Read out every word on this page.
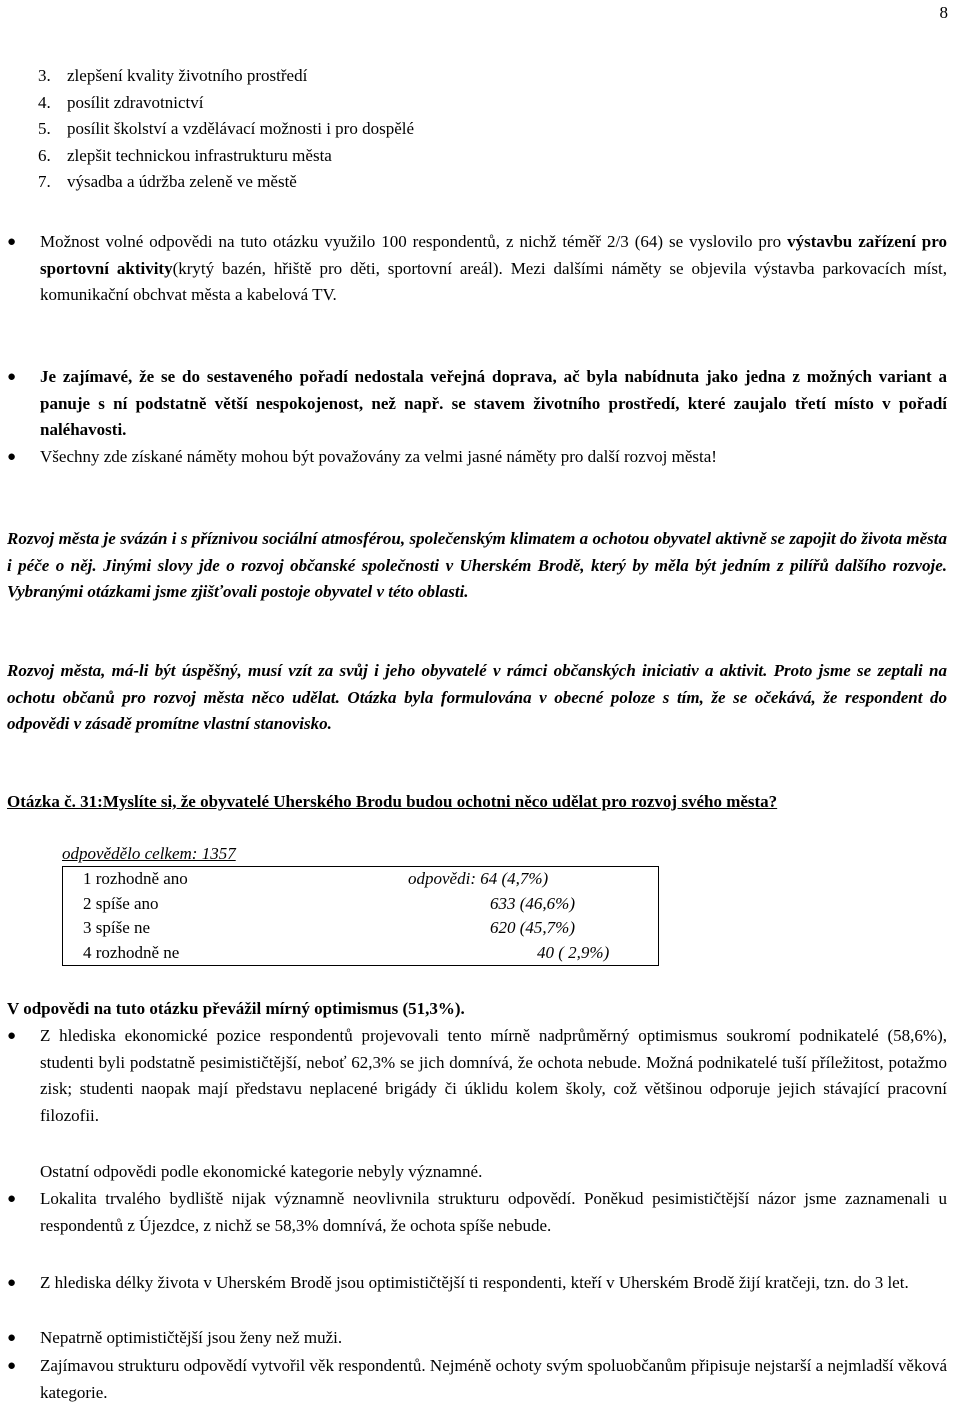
8
3. zlepšení kvality životního prostředí
4. posílit zdravotnictví
5. posílit školství a vzdělávací možnosti i pro dospělé
6. zlepšit technickou infrastrukturu města
7. výsadba a údržba zeleně ve městě
●	Možnost volné odpovědi na tuto otázku využilo 100 respondentů, z nichž téměř 2/3 (64) se vyslovilo pro výstavbu zařízení pro sportovní aktivity(krytý bazén, hřiště pro děti, sportovní areál). Mezi dalšími náměty se objevila výstavba parkovacích míst, komunikační obchvat města a kabelová TV.
●	Je zajímavé, že se do sestaveného pořadí nedostala veřejná doprava, ač byla nabídnuta jako jedna z možných variant a panuje s ní podstatně větší nespokojenost, než např. se stavem životního prostředí, které zaujalo třetí místo v pořadí naléhavosti.
●	Všechny zde získané náměty mohou být považovány za velmi jasné náměty pro další rozvoj města!
Rozvoj města je svázán i s příznivou sociální atmosférou, společenským klimatem a ochotou obyvatel aktivně se zapojit do života města i péče o něj. Jinými slovy jde o rozvoj občanské společnosti v Uherském Brodě, který by měla být jedním z pilířů dalšího rozvoje. Vybranými otázkami jsme zjišťovali postoje obyvatel v této oblasti.
Rozvoj města, má-li být úspěšný, musí vzít za svůj i jeho obyvatelé v rámci občanských iniciativ a aktivit. Proto jsme se zeptali na ochotu občanů pro rozvoj města něco udělat. Otázka byla formulována v obecné poloze s tím, že se očekává, že respondent do odpovědi v zásadě promítne vlastní stanovisko.
Otázka č. 31:Myslíte si, že obyvatelé Uherského Brodu budou ochotni něco udělat pro rozvoj svého města?
odpovědělo celkem: 1357
1 rozhodně ano	odpovědi: 64 (4,7%)
2 spíše ano	633 (46,6%)
3 spíše ne	620 (45,7%)
4 rozhodně ne	40 ( 2,9%)
V odpovědi na tuto otázku převážil mírný optimismus (51,3%).
●	Z hlediska ekonomické pozice respondentů projevovali tento mírně nadprůměrný optimismus soukromí podnikatelé (58,6%), studenti byli podstatně pesimističtější, neboť 62,3% se jich domnívá, že ochota nebude. Možná podnikatelé tuší příležitost, potažmo zisk; studenti naopak mají představu neplacené brigády či úklidu kolem školy, což většinou odporuje jejich stávající pracovní filozofii.
Ostatní odpovědi podle ekonomické kategorie nebyly významné.
●	Lokalita trvalého bydliště nijak významně neovlivnila strukturu odpovědí. Poněkud pesimističtější názor jsme zaznamenali u respondentů z Újezdce, z nichž se 58,3% domnívá, že ochota spíše nebude.
●	Z hlediska délky života v Uherském Brodě jsou optimističtější ti respondenti, kteří v Uherském Brodě žijí kratčeji, tzn. do 3 let.
●	Nepatrně optimističtější jsou ženy než muži.
●	Zajímavou strukturu odpovědí vytvořil věk respondentů. Nejméně ochoty svým spoluobčanům připisuje nejstarší a nejmladší věková kategorie.
